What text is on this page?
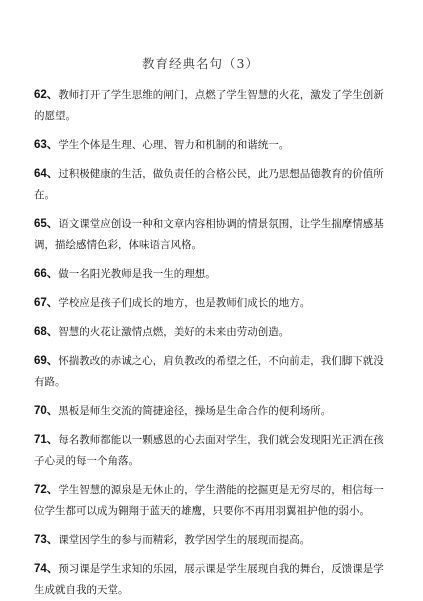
教育经典名句（3）
62、教师打开了学生思维的闸门，点燃了学生智慧的火花，激发了学生创新的愿望。
63、学生个体是生理、心理、智力和机制的和谐统一。
64、过积极健康的生活，做负责任的合格公民，此乃思想品德教育的价值所在。
65、语文课堂应创设一种和文章内容相协调的情景氛围，让学生揣摩情感基调，描绘感情色彩，体味语言风格。
66、做一名阳光教师是我一生的理想。
67、学校应是孩子们成长的地方，也是教师们成长的地方。
68、智慧的火花让激情点燃，美好的未来由劳动创造。
69、怀揣教改的赤诚之心，肩负教改的希望之任，不向前走，我们脚下就没有路。
70、黑板是师生交流的简捷途径，操场是生命合作的便利场所。
71、每名教师都能以一颗感恩的心去面对学生，我们就会发现阳光正洒在孩子心灵的每一个角落。
72、学生智慧的源泉是无休止的，学生潜能的挖掘更是无穷尽的，相信每一位学生都可以成为翱翔于蓝天的雄鹰，只要你不再用羽翼祖护他的弱小。
73、课堂因学生的参与而精彩，教学因学生的展现而提高。
74、预习课是学生求知的乐园，展示课是学生展现自我的舞台，反馈课是学生成就自我的天堂。
